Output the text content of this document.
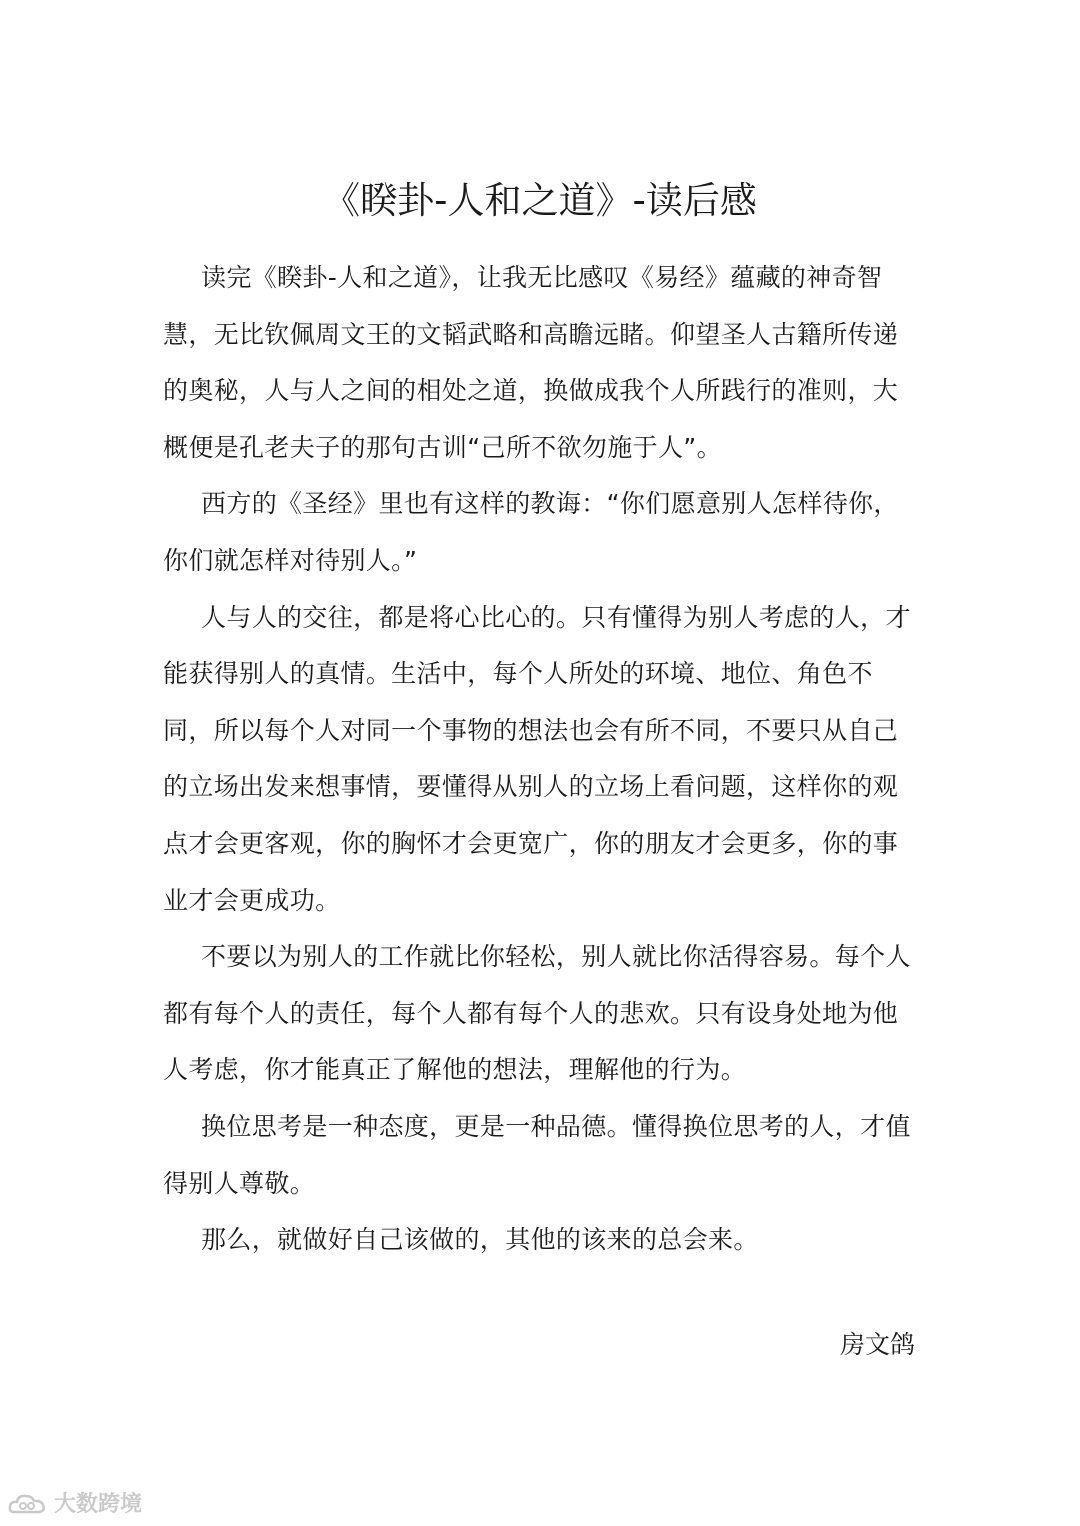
《睽卦-人和之道》-读后感

读完《睽卦-人和之道》，让我无比感叹《易经》蕴藏的神奇智慧，无比钦佩周文王的文韬武略和高瞻远睹。仰望圣人古籍所传递的奥秘，人与人之间的相处之道，换做成我个人所践行的准则，大概便是孔老夫子的那句古训“己所不欲勿施于人”。

西方的《圣经》里也有这样的教诲：“你们愿意别人怎样待你，你们就怎样对待别人。”

人与人的交往，都是将心比心的。只有懂得为别人考虑的人，才能获得别人的真情。生活中，每个人所处的环境、地位、角色不同，所以每个人对同一个事物的想法也会有所不同，不要只从自己的立场出发来想事情，要懂得从别人的立场上看问题，这样你的观点才会更客观，你的胸怀才会更宽广，你的朋友才会更多，你的事业才会更成功。

不要以为别人的工作就比你轻松，别人就比你活得容易。每个人都有每个人的责任，每个人都有每个人的悲欢。只有设身处地为他人考虑，你才能真正了解他的想法，理解他的行为。

换位思考是一种态度，更是一种品德。懂得换位思考的人，才值得别人尊敬。

那么，就做好自己该做的，其他的该来的总会来。

房文鸽
大数跨境
